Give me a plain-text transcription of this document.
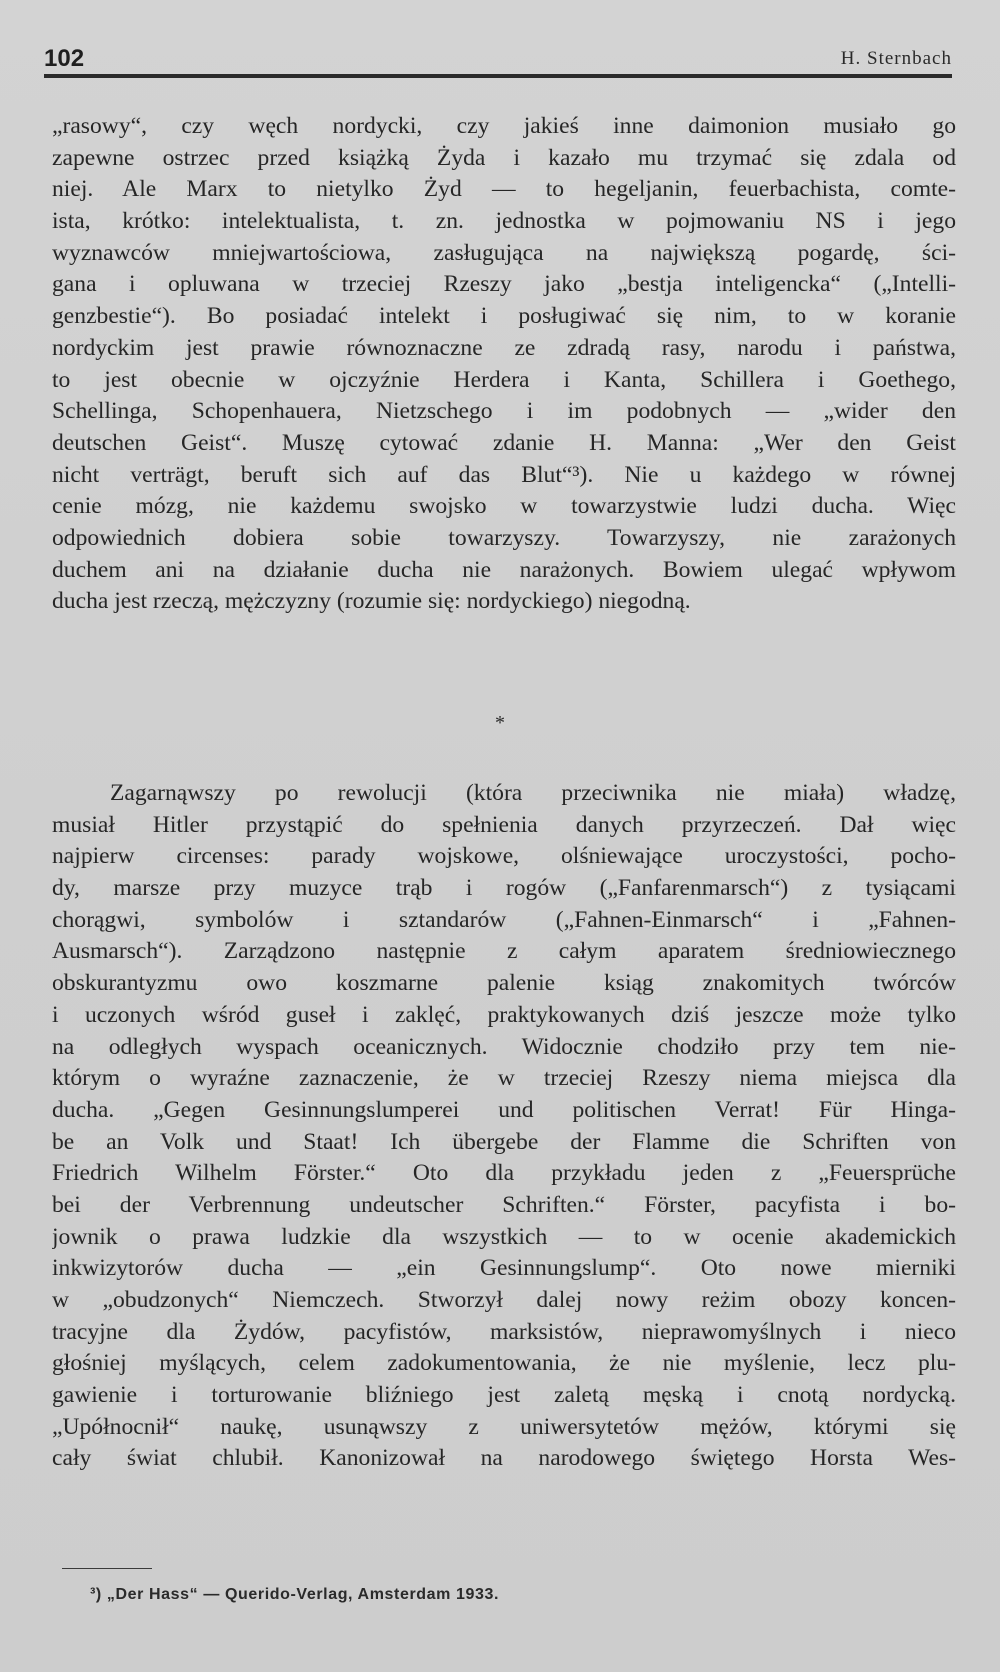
102	H. Sternbach
„rasowy“, czy węch nordycki, czy jakieś inne daimonion musiało go
zapewne ostrzec przed książką Żyda i kazało mu trzymać się zdala od
niej. Ale Marx to nietylko Żyd — to hegeljanin, feuerbachista, comte-
ista, krótko: intelektualista, t. zn. jednostka w pojmowaniu NS i jego
wyznawców mniejwartościowa, zasługująca na największą pogardę, ści-
gana i opluwana w trzeciej Rzeszy jako „bestja inteligencka“ („Intelli-
genzbestie“). Bo posiadać intelekt i posługiwać się nim, to w koranie
nordyckim jest prawie równoznaczne ze zdradą rasy, narodu i państwa,
to jest obecnie w ojczyźnie Herdera i Kanta, Schillera i Goethego,
Schellinga, Schopenhauera, Nietzschego i im podobnych — „wider den
deutschen Geist“. Muszę cytować zdanie H. Manna: „Wer den Geist
nicht verträgt, beruft sich auf das Blut“³). Nie u każdego w równej
cenie mózg, nie każdemu swojsko w towarzystwie ludzi ducha. Więc
odpowiednich dobiera sobie towarzyszy. Towarzyszy, nie zarażonych
duchem ani na działanie ducha nie narażonych. Bowiem ulegać wpływom
ducha jest rzeczą, mężczyzny (rozumie się: nordyckiego) niegodną.
*
Zagarnąwszy po rewolucji (która przeciwnika nie miała) władzę,
musiał Hitler przystąpić do spełnienia danych przyrzeczeń. Dał więc
najpierw circenses: parady wojskowe, olśniewające uroczystości, pocho-
dy, marsze przy muzyce trąb i rogów („Fanfarenmarsch“) z tysiącami
chorągwi, symbolów i sztandarów („Fahnen-Einmarsch“ i „Fahnen-
Ausmarsch“). Zarządzono następnie z całym aparatem średniowiecznego
obskurantyzmu owo koszmarne palenie ksiąg znakomitych twórców
i uczonych wśród guseł i zaklęć, praktykowanych dziś jeszcze może tylko
na odległych wyspach oceanicznych. Widocznie chodziło przy tem nie-
którym o wyraźne zaznaczenie, że w trzeciej Rzeszy niema miejsca dla
ducha. „Gegen Gesinnungslumperei und politischen Verrat! Für Hinga-
be an Volk und Staat! Ich übergebe der Flamme die Schriften von
Friedrich Wilhelm Förster.“ Oto dla przykładu jeden z „Feuersprüche
bei der Verbrennung undeutscher Schriften.“ Förster, pacyfista i bo-
jownik o prawa ludzkie dla wszystkich — to w ocenie akademickich
inkwizytorów ducha — „ein Gesinnungslump“. Oto nowe mierniki
w „obudzonych“ Niemczech. Stworzył dalej nowy reżim obozy koncen-
tracyjne dla Żydów, pacyfistów, marksistów, nieprawomyślnych i nieco
głośniej myślących, celem zadokumentowania, że nie myślenie, lecz plu-
gawienie i torturowanie bliźniego jest zaletą męską i cnotą nordycką.
„Upółnocnił“ naukę, usunąwszy z uniwersytetów mężów, którymi się
cały świat chlubił. Kanonizował na narodowego świętego Horsta Wes-
³) „Der Hass“ — Querido-Verlag, Amsterdam 1933.
